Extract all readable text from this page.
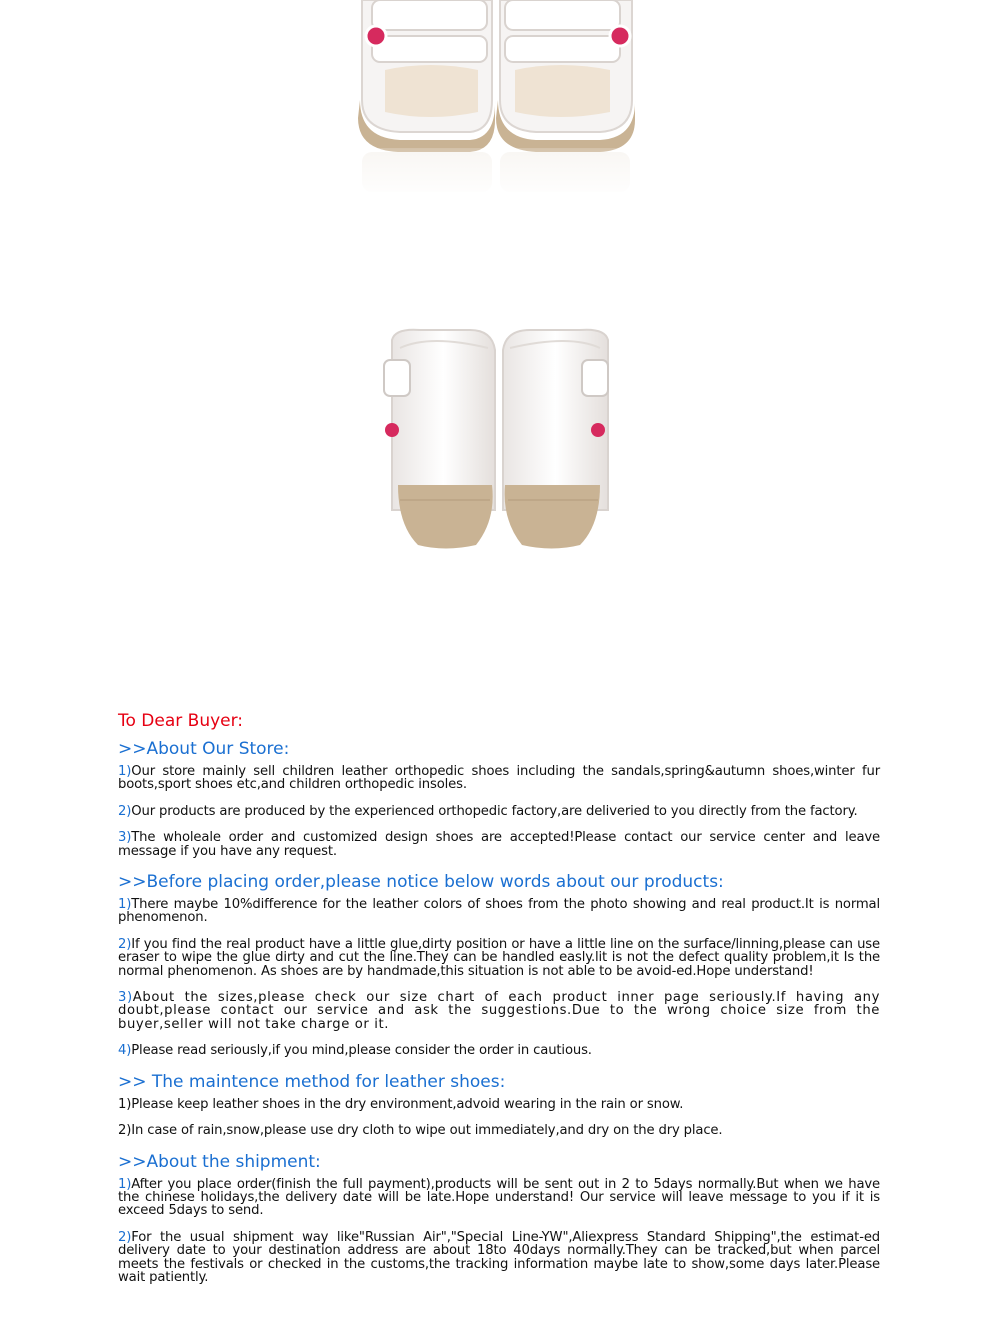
To Dear Buyer:
>>About Our Store:

1)Our store mainly sell children leather orthopedic shoes including the sandals,spring&autumn shoes,winter fur boots,sport shoes etc,and children orthopedic insoles.

2)Our products are produced by the experienced orthopedic factory,are deliveried to you directly from the factory.

3)The wholeale order and customized design shoes are accepted!Please contact our service center and leave message if you have any request.

>>Before placing order,please notice below words about our products:

1)There maybe 10%difference for the leather colors of shoes from the photo showing and real product.It is normal phenomenon.

2)If you find the real product have a little glue,dirty position or have a little line on the surface/linning,please can use eraser to wipe the glue dirty and cut the line.They can be handled easly.lit is not the defect quality problem,it Is the normal phenomenon. As shoes are by handmade,this situation is not able to be avoid-ed.Hope understand!

3)About the sizes,please check our size chart of each product inner page seriously.If having any doubt,please contact our service and ask the suggestions.Due to the wrong choice size from the buyer,seller will not take charge or it.

4)Please read seriously,if you mind,please consider the order in cautious.

>> The maintence method for leather shoes:

1)Please keep leather shoes in the dry environment,advoid wearing in the rain or snow.

2)In case of rain,snow,please use dry cloth to wipe out immediately,and dry on the dry place.

>>About the shipment:

1)After you place order(finish the full payment),products will be sent out in 2 to 5days normally.But when we have the chinese holidays,the delivery date will be late.Hope understand! Our service will leave message to you if it is exceed 5days to send.

2)For the usual shipment way like"Russian Air","Special Line-YW",Aliexpress Standard Shipping",the estimat-ed delivery date to your destination address are about 18to 40days normally.They can be tracked,but when parcel meets the festivals or checked in the customs,the tracking information maybe late to show,some days later.Please wait patiently.
